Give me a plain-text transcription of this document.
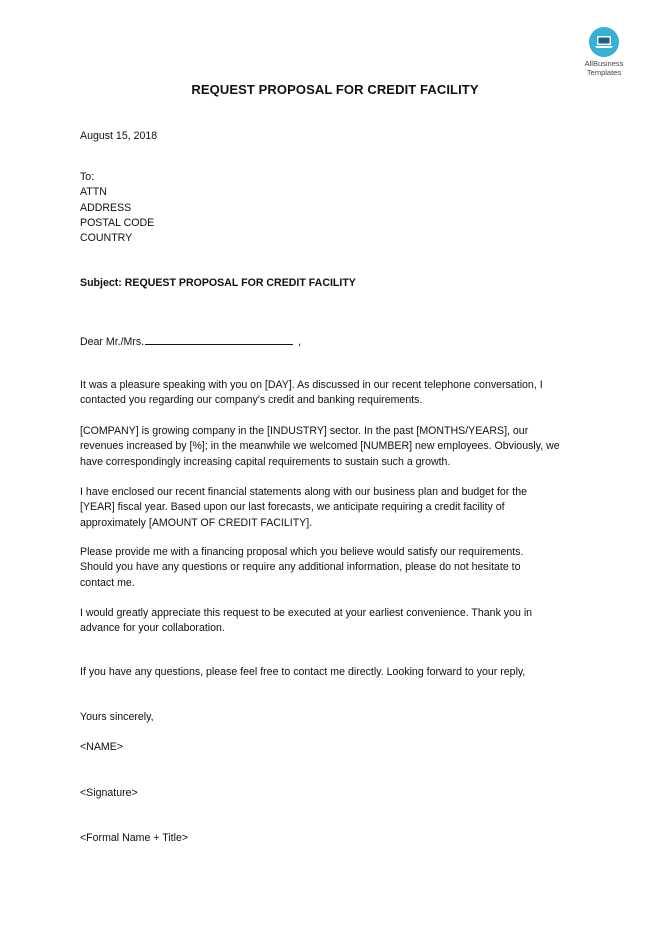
AllBusiness
Templates
REQUEST PROPOSAL FOR CREDIT FACILITY
August 15, 2018
To:
ATTN
ADDRESS
POSTAL CODE
COUNTRY
Subject: REQUEST PROPOSAL FOR CREDIT FACILITY
Dear Mr./Mrs.	,
It was a pleasure speaking with you on [DAY]. As discussed in our recent telephone conversation, I
contacted you regarding our company's credit and banking requirements.
[COMPANY] is growing company in the [INDUSTRY] sector. In the past [MONTHS/YEARS], our
revenues increased by [%]; in the meanwhile we welcomed [NUMBER] new employees. Obviously, we
have correspondingly increasing capital requirements to sustain such a growth.
I have enclosed our recent financial statements along with our business plan and budget for the
[YEAR] fiscal year. Based upon our last forecasts, we anticipate requiring a credit facility of
approximately [AMOUNT OF CREDIT FACILITY].
Please provide me with a financing proposal which you believe would satisfy our requirements.
Should you have any questions or require any additional information, please do not hesitate to
contact me.
I would greatly appreciate this request to be executed at your earliest convenience. Thank you in
advance for your collaboration.
If you have any questions, please feel free to contact me directly. Looking forward to your reply,
Yours sincerely,
<NAME>
<Signature>
<Formal Name + Title>
